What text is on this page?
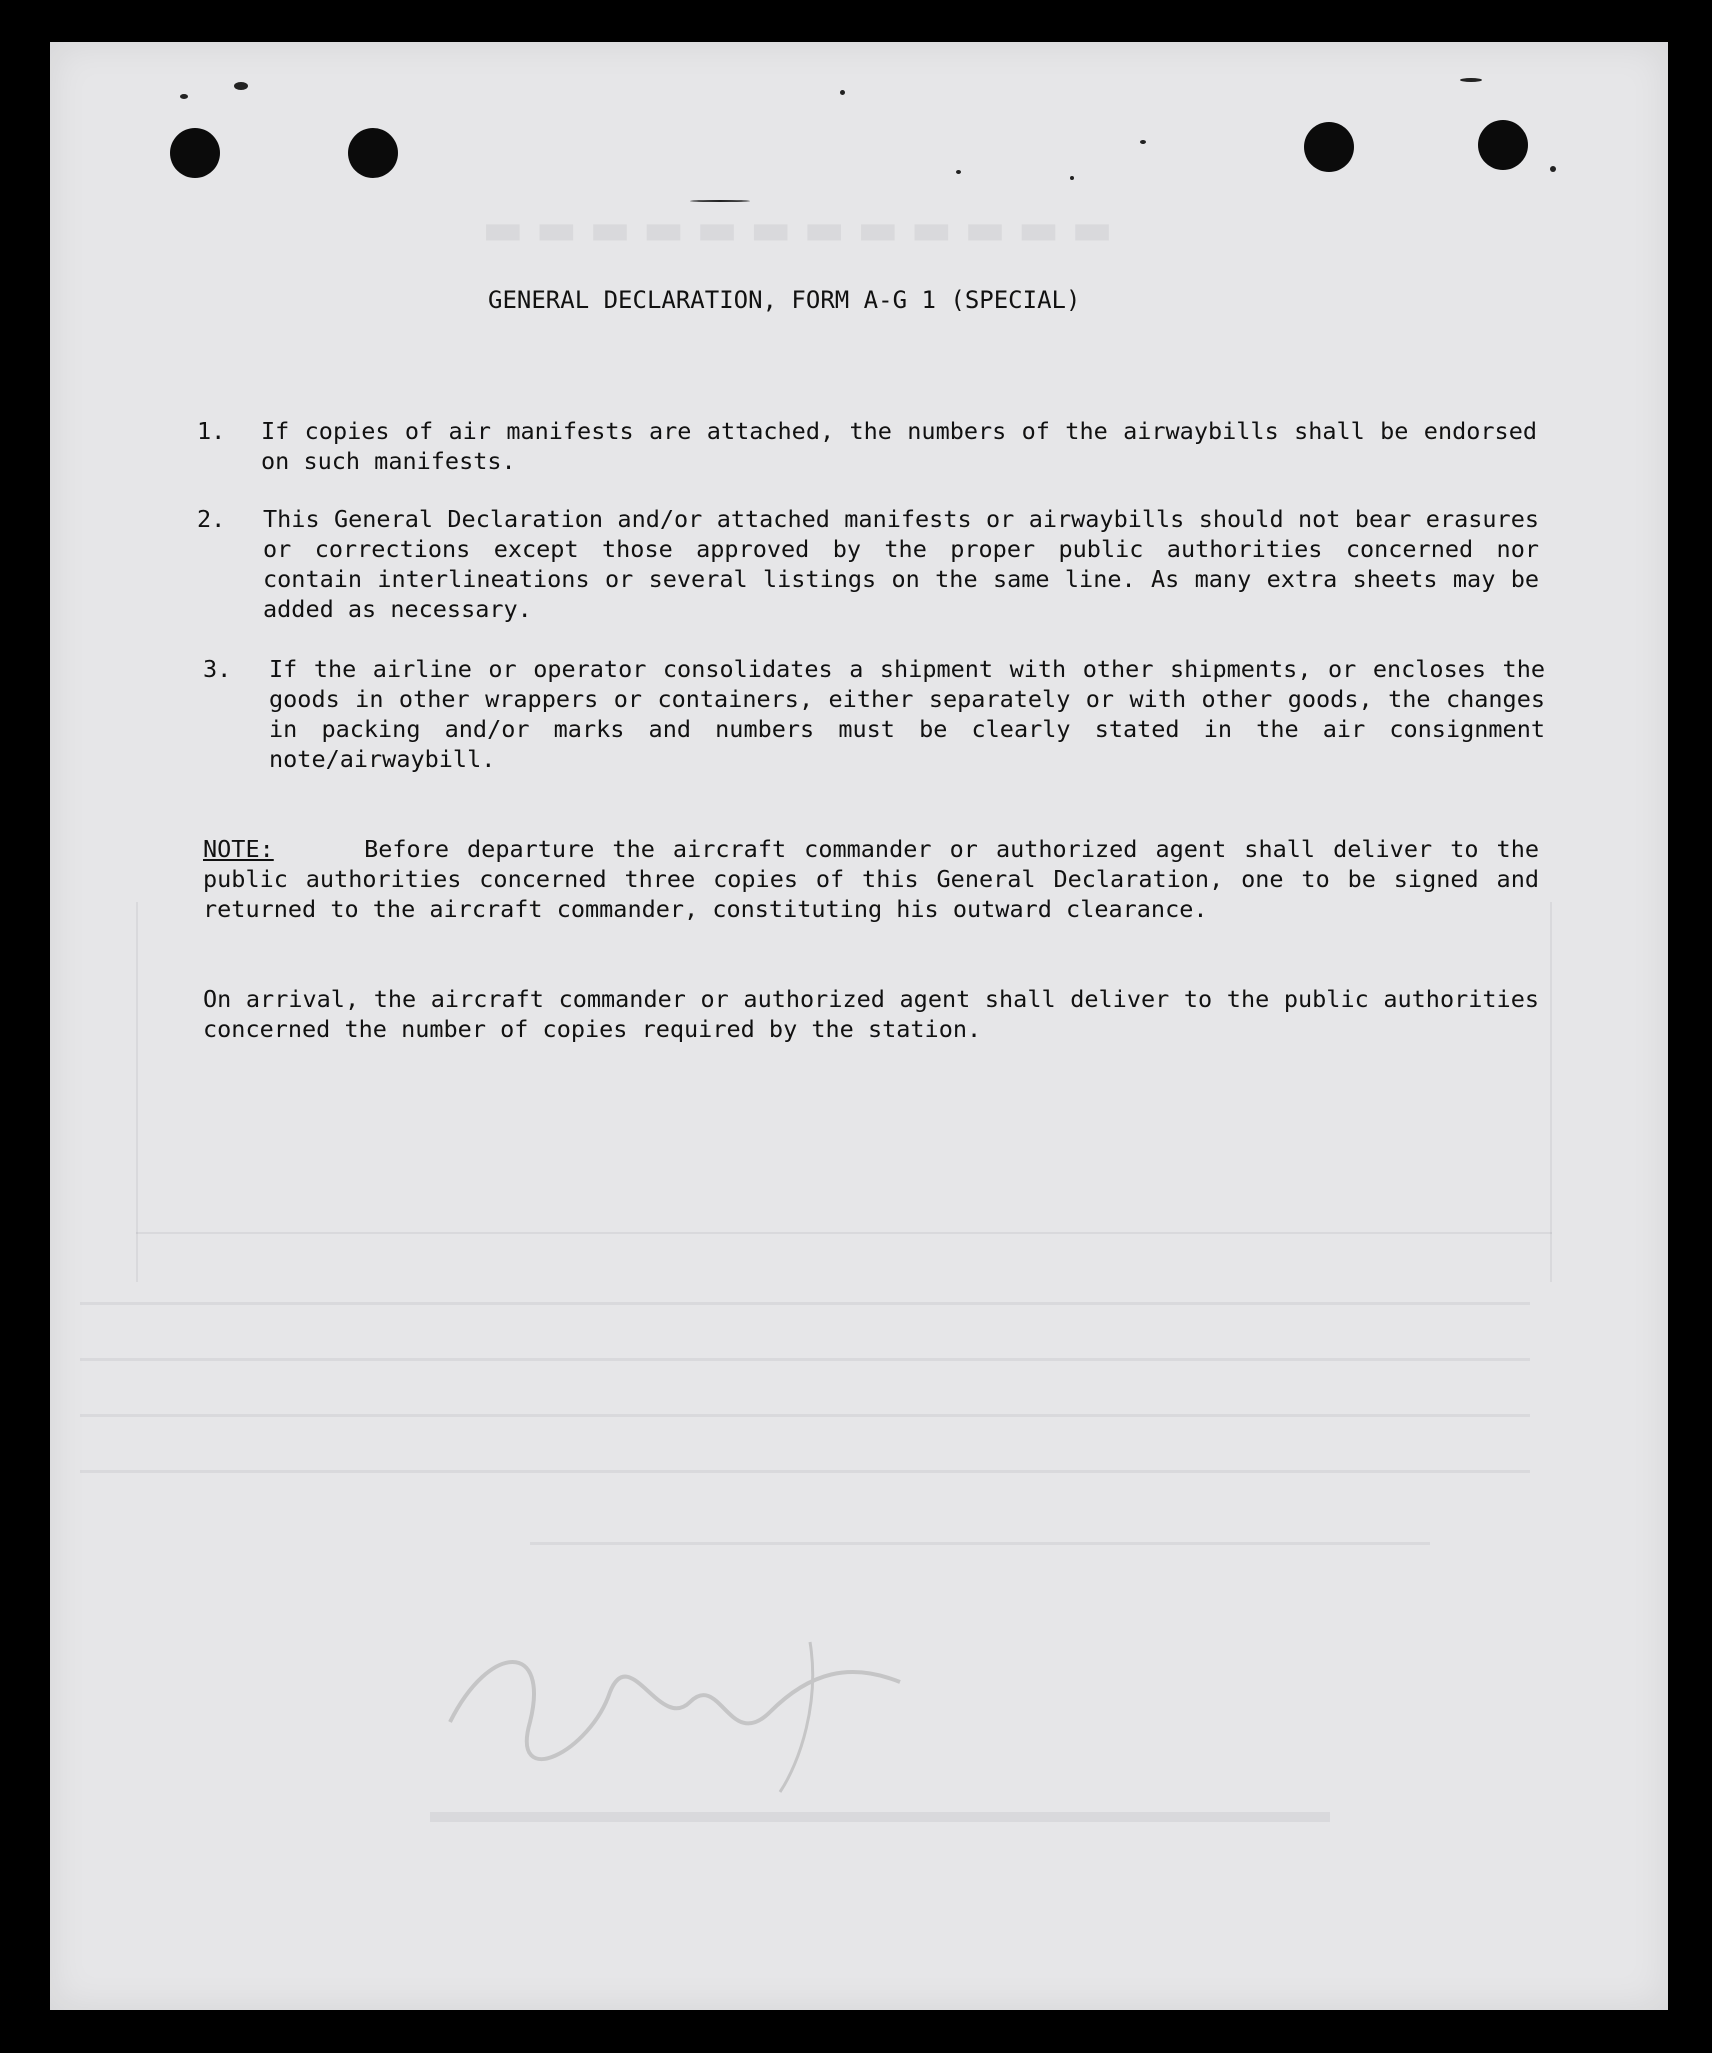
▬▬▬▬▬▬▬▬▬▬▬▬
GENERAL DECLARATION, FORM A-G 1 (SPECIAL)
1.	If copies of air manifests are attached, the numbers of the airwaybills shall be endorsed on such manifests.
2.	This General Declaration and/or attached manifests or airwaybills should not bear erasures or corrections except those approved by the proper public authorities concerned nor contain interlineations or several listings on the same line. As many extra sheets may be added as necessary.
3.	If the airline or operator consolidates a shipment with other shipments, or encloses the goods in other wrappers or containers, either separately or with other goods, the changes in packing and/or marks and numbers must be clearly stated in the air consignment note/airwaybill.
NOTE:	Before departure the aircraft commander or authorized agent shall deliver to the public authorities concerned three copies of this General Declaration, one to be signed and returned to the aircraft commander, constituting his outward clearance.
On arrival, the aircraft commander or authorized agent shall deliver to the public authorities concerned the number of copies required by the station.
